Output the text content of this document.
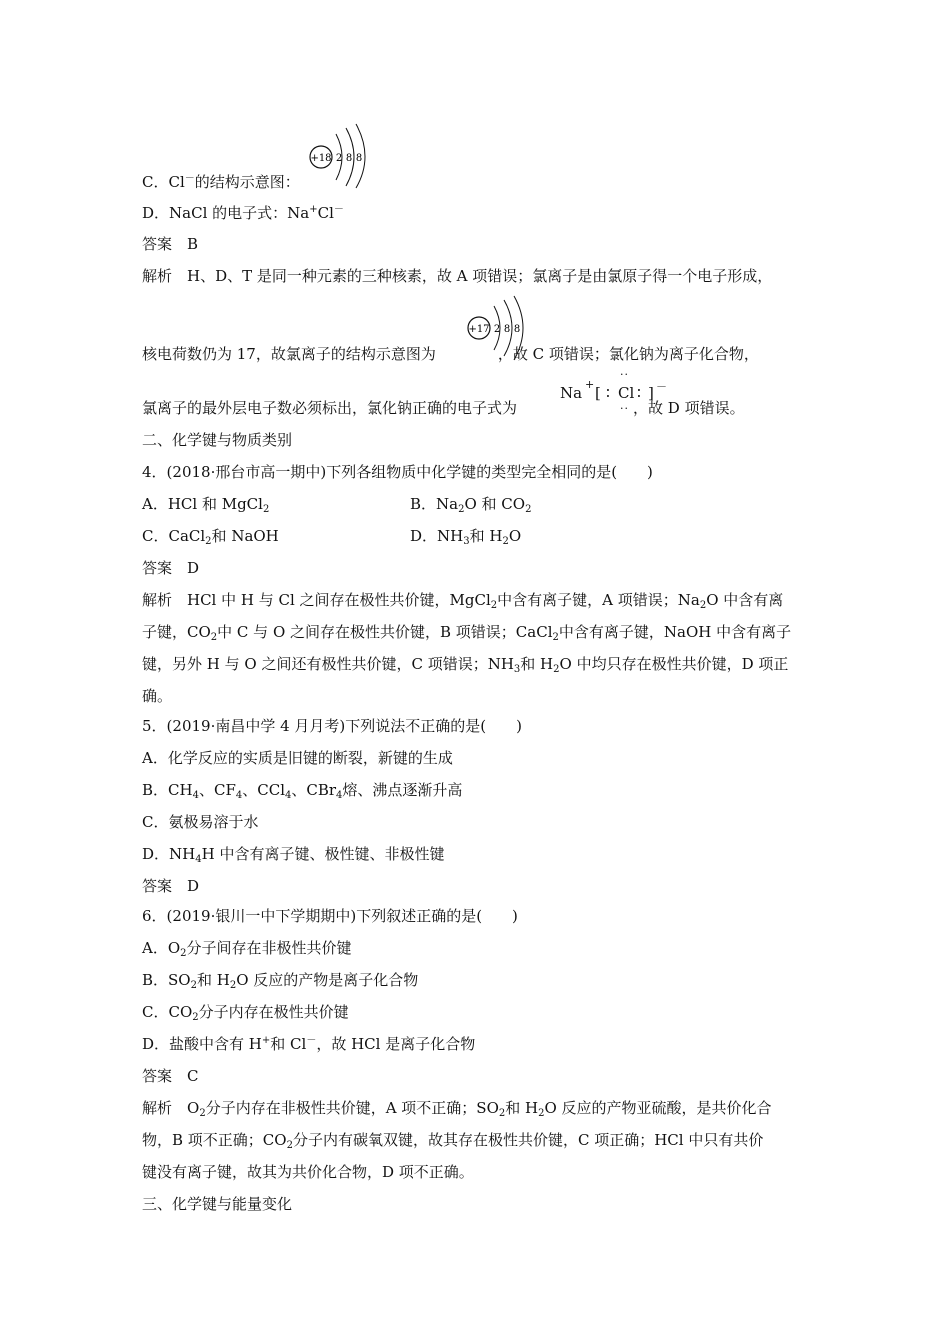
C．Cl－的结构示意图：
+18 2 8 8
D．NaCl 的电子式：Na+Cl－
答案　B
解析　H、D、T 是同一种元素的三种核素，故 A 项错误；氯离子是由氯原子得一个电子形成，
核电荷数仍为 17，故氯离子的结构示意图为	，故 C 项错误；氯化钠为离子化合物，
+17 2 8 8
氯离子的最外层电子数必须标出，氯化钠正确的电子式为	，故 D 项错误。
Na + [ ∶ Cl ∶ ] －
··
··
二、化学键与物质类别
4．(2018·邢台市高一期中)下列各组物质中化学键的类型完全相同的是(　　)
A．HCl 和 MgCl$_2$	B．$Na_2O$ 和 $CO_2$
C．CaCl$_2$和 NaOH	D．$NH_3$和 $H_2O$
答案　D
解析　HCl 中 H 与 Cl 之间存在极性共价键，MgCl$_2$中含有离子键，A 项错误；$Na_2O$ 中含有离
子键，$CO_2$中 C 与 O 之间存在极性共价键，B 项错误；CaCl$_2$中含有离子键，NaOH 中含有离子
键，另外 H 与 O 之间还有极性共价键，C 项错误；$NH_3$和 $H_2O$ 中均只存在极性共价键，D 项正
确。
5．(2019·南昌中学 4 月月考)下列说法不正确的是(　　)
A．化学反应的实质是旧键的断裂，新键的生成
B．$CH_4$、$CF_4$、CCl$_4$、CBr$_4$熔、沸点逐渐升高
C．氨极易溶于水
D．$NH_4H$ 中含有离子键、极性键、非极性键
答案　D
6．(2019·银川一中下学期期中)下列叙述正确的是(　　)
A．$O_2$分子间存在非极性共价键
B．$SO_2$和 $H_2O$ 反应的产物是离子化合物
C．$CO_2$分子内存在极性共价键
D．盐酸中含有 H+和 Cl－，故 HCl 是离子化合物
答案　C
解析　$O_2$分子内存在非极性共价键，A 项不正确；$SO_2$和 $H_2O$ 反应的产物亚硫酸，是共价化合
物，B 项不正确；$CO_2$分子内有碳氧双键，故其存在极性共价键，C 项正确；HCl 中只有共价
键没有离子键，故其为共价化合物，D 项不正确。
三、化学键与能量变化
